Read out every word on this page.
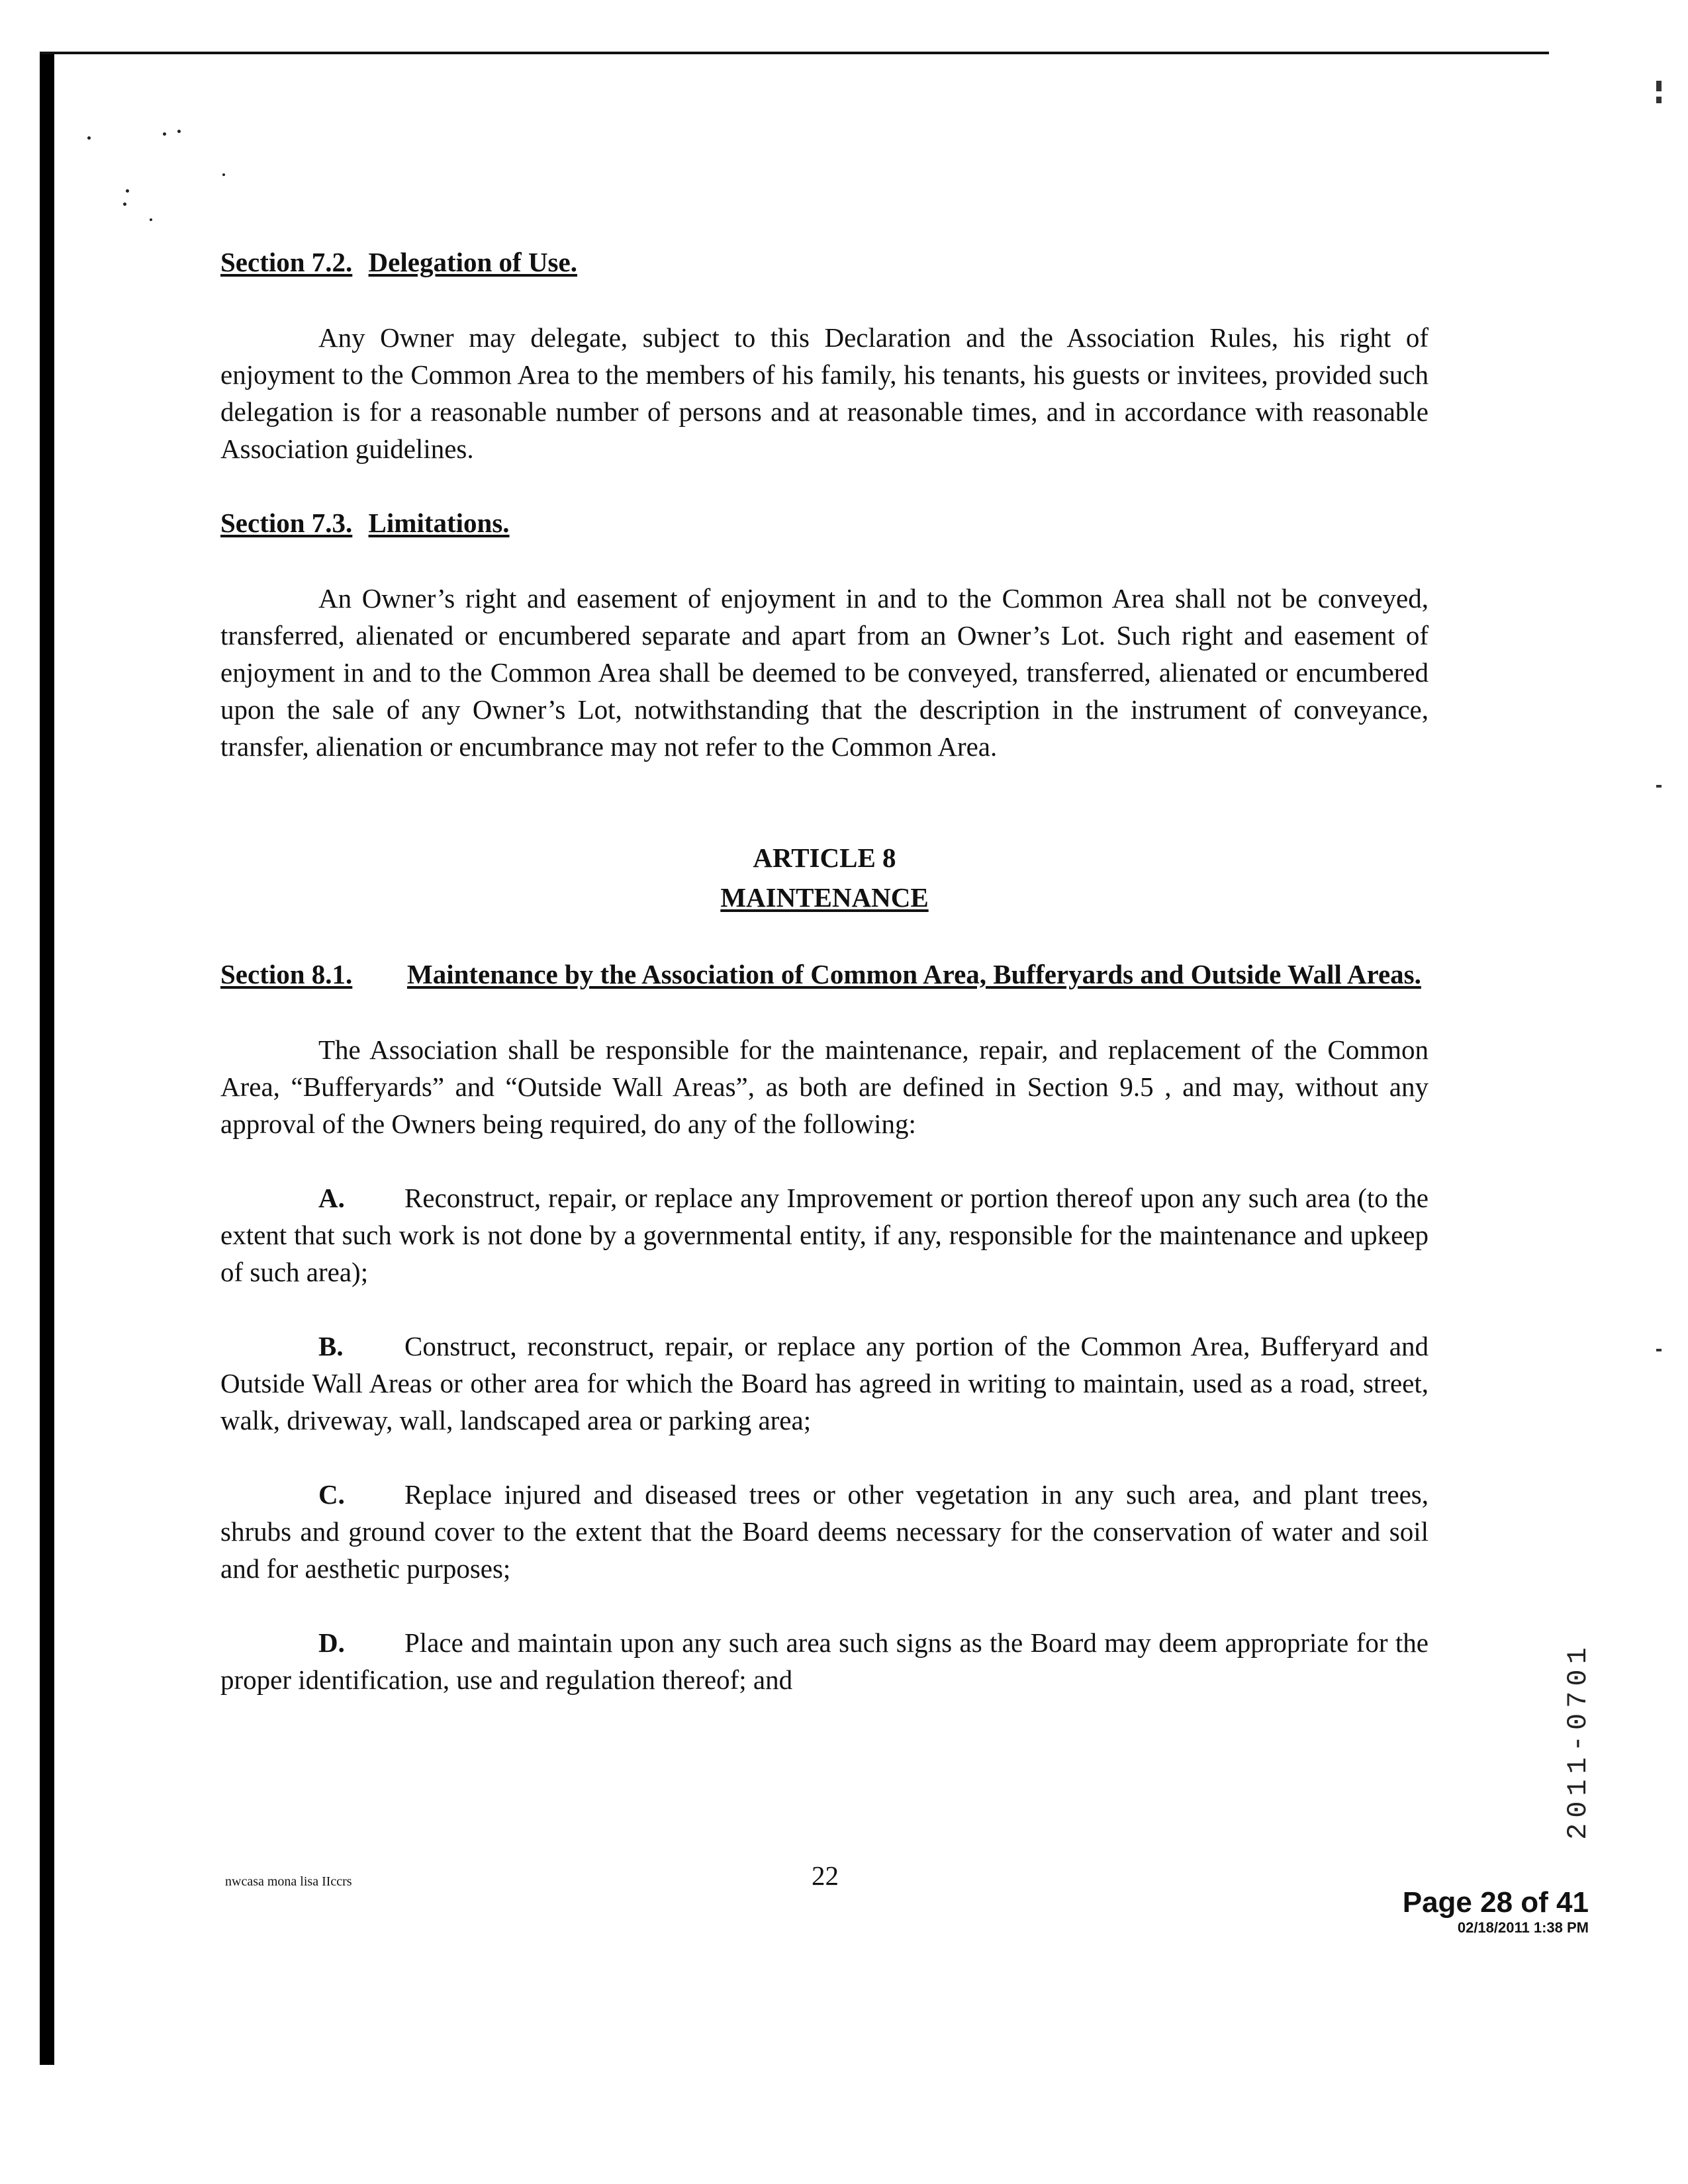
Section 7.2. Delegation of Use.

Any Owner may delegate, subject to this Declaration and the Association Rules, his right of enjoyment to the Common Area to the members of his family, his tenants, his guests or invitees, provided such delegation is for a reasonable number of persons and at reasonable times, and in accordance with reasonable Association guidelines.

Section 7.3. Limitations.

An Owner’s right and easement of enjoyment in and to the Common Area shall not be conveyed, transferred, alienated or encumbered separate and apart from an Owner’s Lot. Such right and easement of enjoyment in and to the Common Area shall be deemed to be conveyed, transferred, alienated or encumbered upon the sale of any Owner’s Lot, notwithstanding that the description in the instrument of conveyance, transfer, alienation or encumbrance may not refer to the Common Area.

ARTICLE 8
MAINTENANCE
Section 8.1.	Maintenance by the Association of Common Area, Bufferyards and Outside Wall Areas.

The Association shall be responsible for the maintenance, repair, and replacement of the Common Area, “Bufferyards” and “Outside Wall Areas”, as both are defined in Section 9.5 , and may, without any approval of the Owners being required, do any of the following:

A. Reconstruct, repair, or replace any Improvement or portion thereof upon any such area (to the extent that such work is not done by a governmental entity, if any, responsible for the maintenance and upkeep of such area);

B. Construct, reconstruct, repair, or replace any portion of the Common Area, Bufferyard and Outside Wall Areas or other area for which the Board has agreed in writing to maintain, used as a road, street, walk, driveway, wall, landscaped area or parking area;

C. Replace injured and diseased trees or other vegetation in any such area, and plant trees, shrubs and ground cover to the extent that the Board deems necessary for the conservation of water and soil and for aesthetic purposes;

D. Place and maintain upon any such area such signs as the Board may deem appropriate for the proper identification, use and regulation thereof; and	2011-0701
nwcasa mona lisa IIccrs	22
Page 28 of 41
02/18/2011 1:38 PM
